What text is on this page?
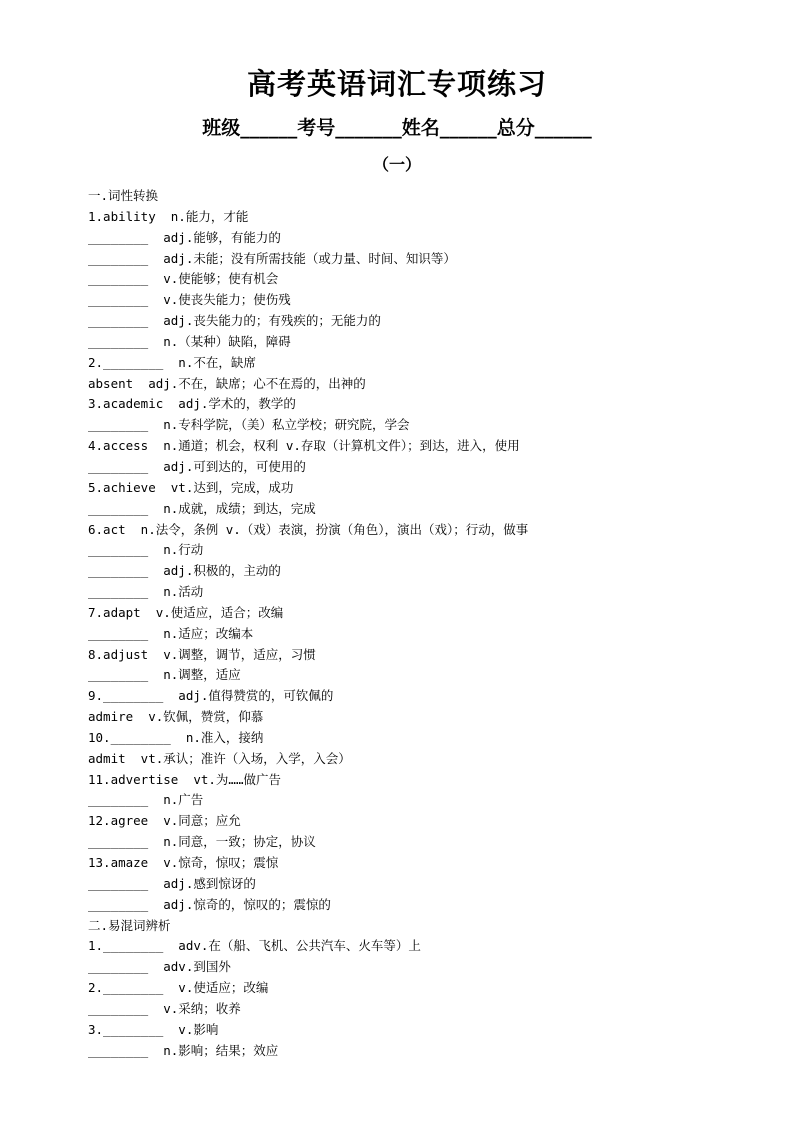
高考英语词汇专项练习
班级______考号_______姓名______总分______
（一）
一.词性转换
1.ability  n.能力，才能
________  adj.能够，有能力的
________  adj.未能；没有所需技能（或力量、时间、知识等）
________  v.使能够；使有机会
________  v.使丧失能力；使伤残
________  adj.丧失能力的；有残疾的；无能力的
________  n.（某种）缺陷，障碍
2.________  n.不在，缺席
absent  adj.不在，缺席；心不在焉的，出神的
3.academic  adj.学术的，教学的
________  n.专科学院，（美）私立学校；研究院，学会
4.access  n.通道；机会，权利 v.存取（计算机文件）；到达，进入，使用
________  adj.可到达的，可使用的
5.achieve  vt.达到，完成，成功
________  n.成就，成绩；到达，完成
6.act  n.法令，条例 v.（戏）表演，扮演（角色），演出（戏）；行动，做事
________  n.行动
________  adj.积极的，主动的
________  n.活动
7.adapt  v.使适应，适合；改编
________  n.适应；改编本
8.adjust  v.调整，调节，适应，习惯
________  n.调整，适应
9.________  adj.值得赞赏的，可钦佩的
admire  v.钦佩，赞赏，仰慕
10.________  n.准入，接纳
admit  vt.承认；准许（入场，入学，入会）
11.advertise  vt.为……做广告
________  n.广告
12.agree  v.同意；应允
________  n.同意，一致；协定，协议
13.amaze  v.惊奇，惊叹；震惊
________  adj.感到惊讶的
________  adj.惊奇的，惊叹的；震惊的
二.易混词辨析
1.________  adv.在（船、飞机、公共汽车、火车等）上
________  adv.到国外
2.________  v.使适应；改编
________  v.采纳；收养
3.________  v.影响
________  n.影响；结果；效应
